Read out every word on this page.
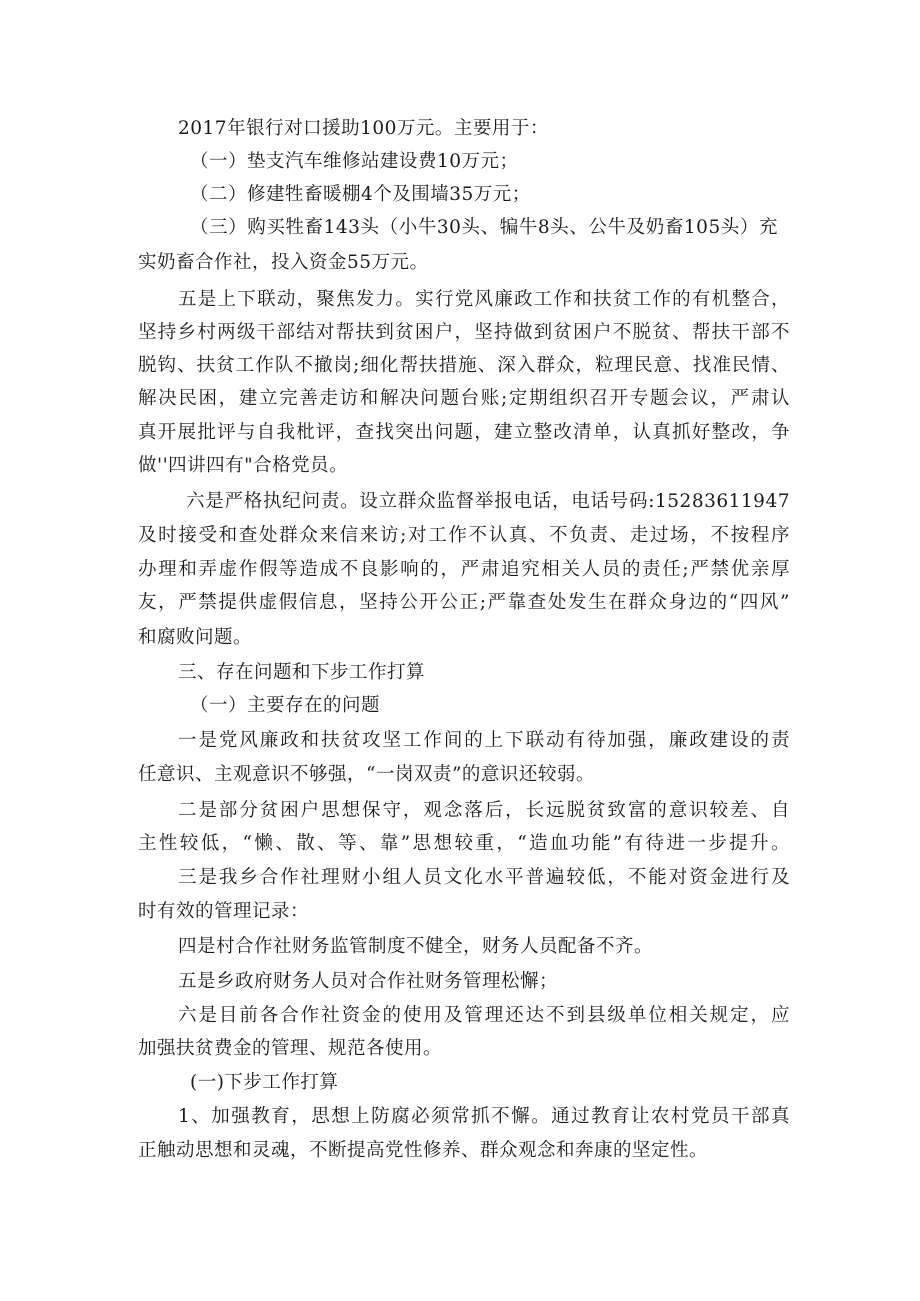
2017年银行对口援助100万元。主要用于：
（一）垫支汽车维修站建设费10万元；
（二）修建牲畜暖棚4个及围墙35万元；
（三）购买牲畜143头（小牛30头、犏牛8头、公牛及奶畜105头）充
实奶畜合作社，投入资金55万元。
五是上下联动，聚焦发力。实行党风廉政工作和扶贫工作的有机整合，
坚持乡村两级干部结对帮扶到贫困户，坚持做到贫困户不脱贫、帮扶干部不
脱钩、扶贫工作队不撤岗;细化帮扶措施、深入群众，粒理民意、找准民情、
解决民困，建立完善走访和解决问题台账;定期组织召开专题会议，严肃认
真开展批评与自我枇评，查找突出问题，建立整改清单，认真抓好整改，争
做''四讲四有"合格党员。
六是严格执纪问责。设立群众监督举报电话，电话号码:15283611947
及时接受和查处群众来信来访;对工作不认真、不负责、走过场，不按程序
办理和弄虚作假等造成不良影响的，严肃追究相关人员的责任;严禁优亲厚
友，严禁提供虚假信息，坚持公开公正;严靠查处发生在群众身边的“四风”
和腐败问题。
三、存在问题和下步工作打算
（一）主要存在的问题
一是党风廉政和扶贫攻坚工作间的上下联动有待加强，廉政建设的责
任意识、主观意识不够强，“一岗双责”的意识还较弱。
二是部分贫困户思想保守，观念落后，长远脱贫致富的意识较差、自
主性较低，“懒、散、等、靠”思想较重，“造血功能”有待进一步提升。
三是我乡合作社理财小组人员文化水平普遍较低，不能对资金进行及
时有效的管理记录：
四是村合作社财务监管制度不健全，财务人员配备不齐。
五是乡政府财务人员对合作社财务管理松懈；
六是目前各合作社资金的使用及管理还达不到县级单位相关规定，应
加强扶贫费金的管理、规范各使用。
(一)下步工作打算
1、加强教育，思想上防腐必须常抓不懈。通过教育让农村党员干部真
正触动思想和灵魂，不断提高党性修养、群众观念和奔康的坚定性。
